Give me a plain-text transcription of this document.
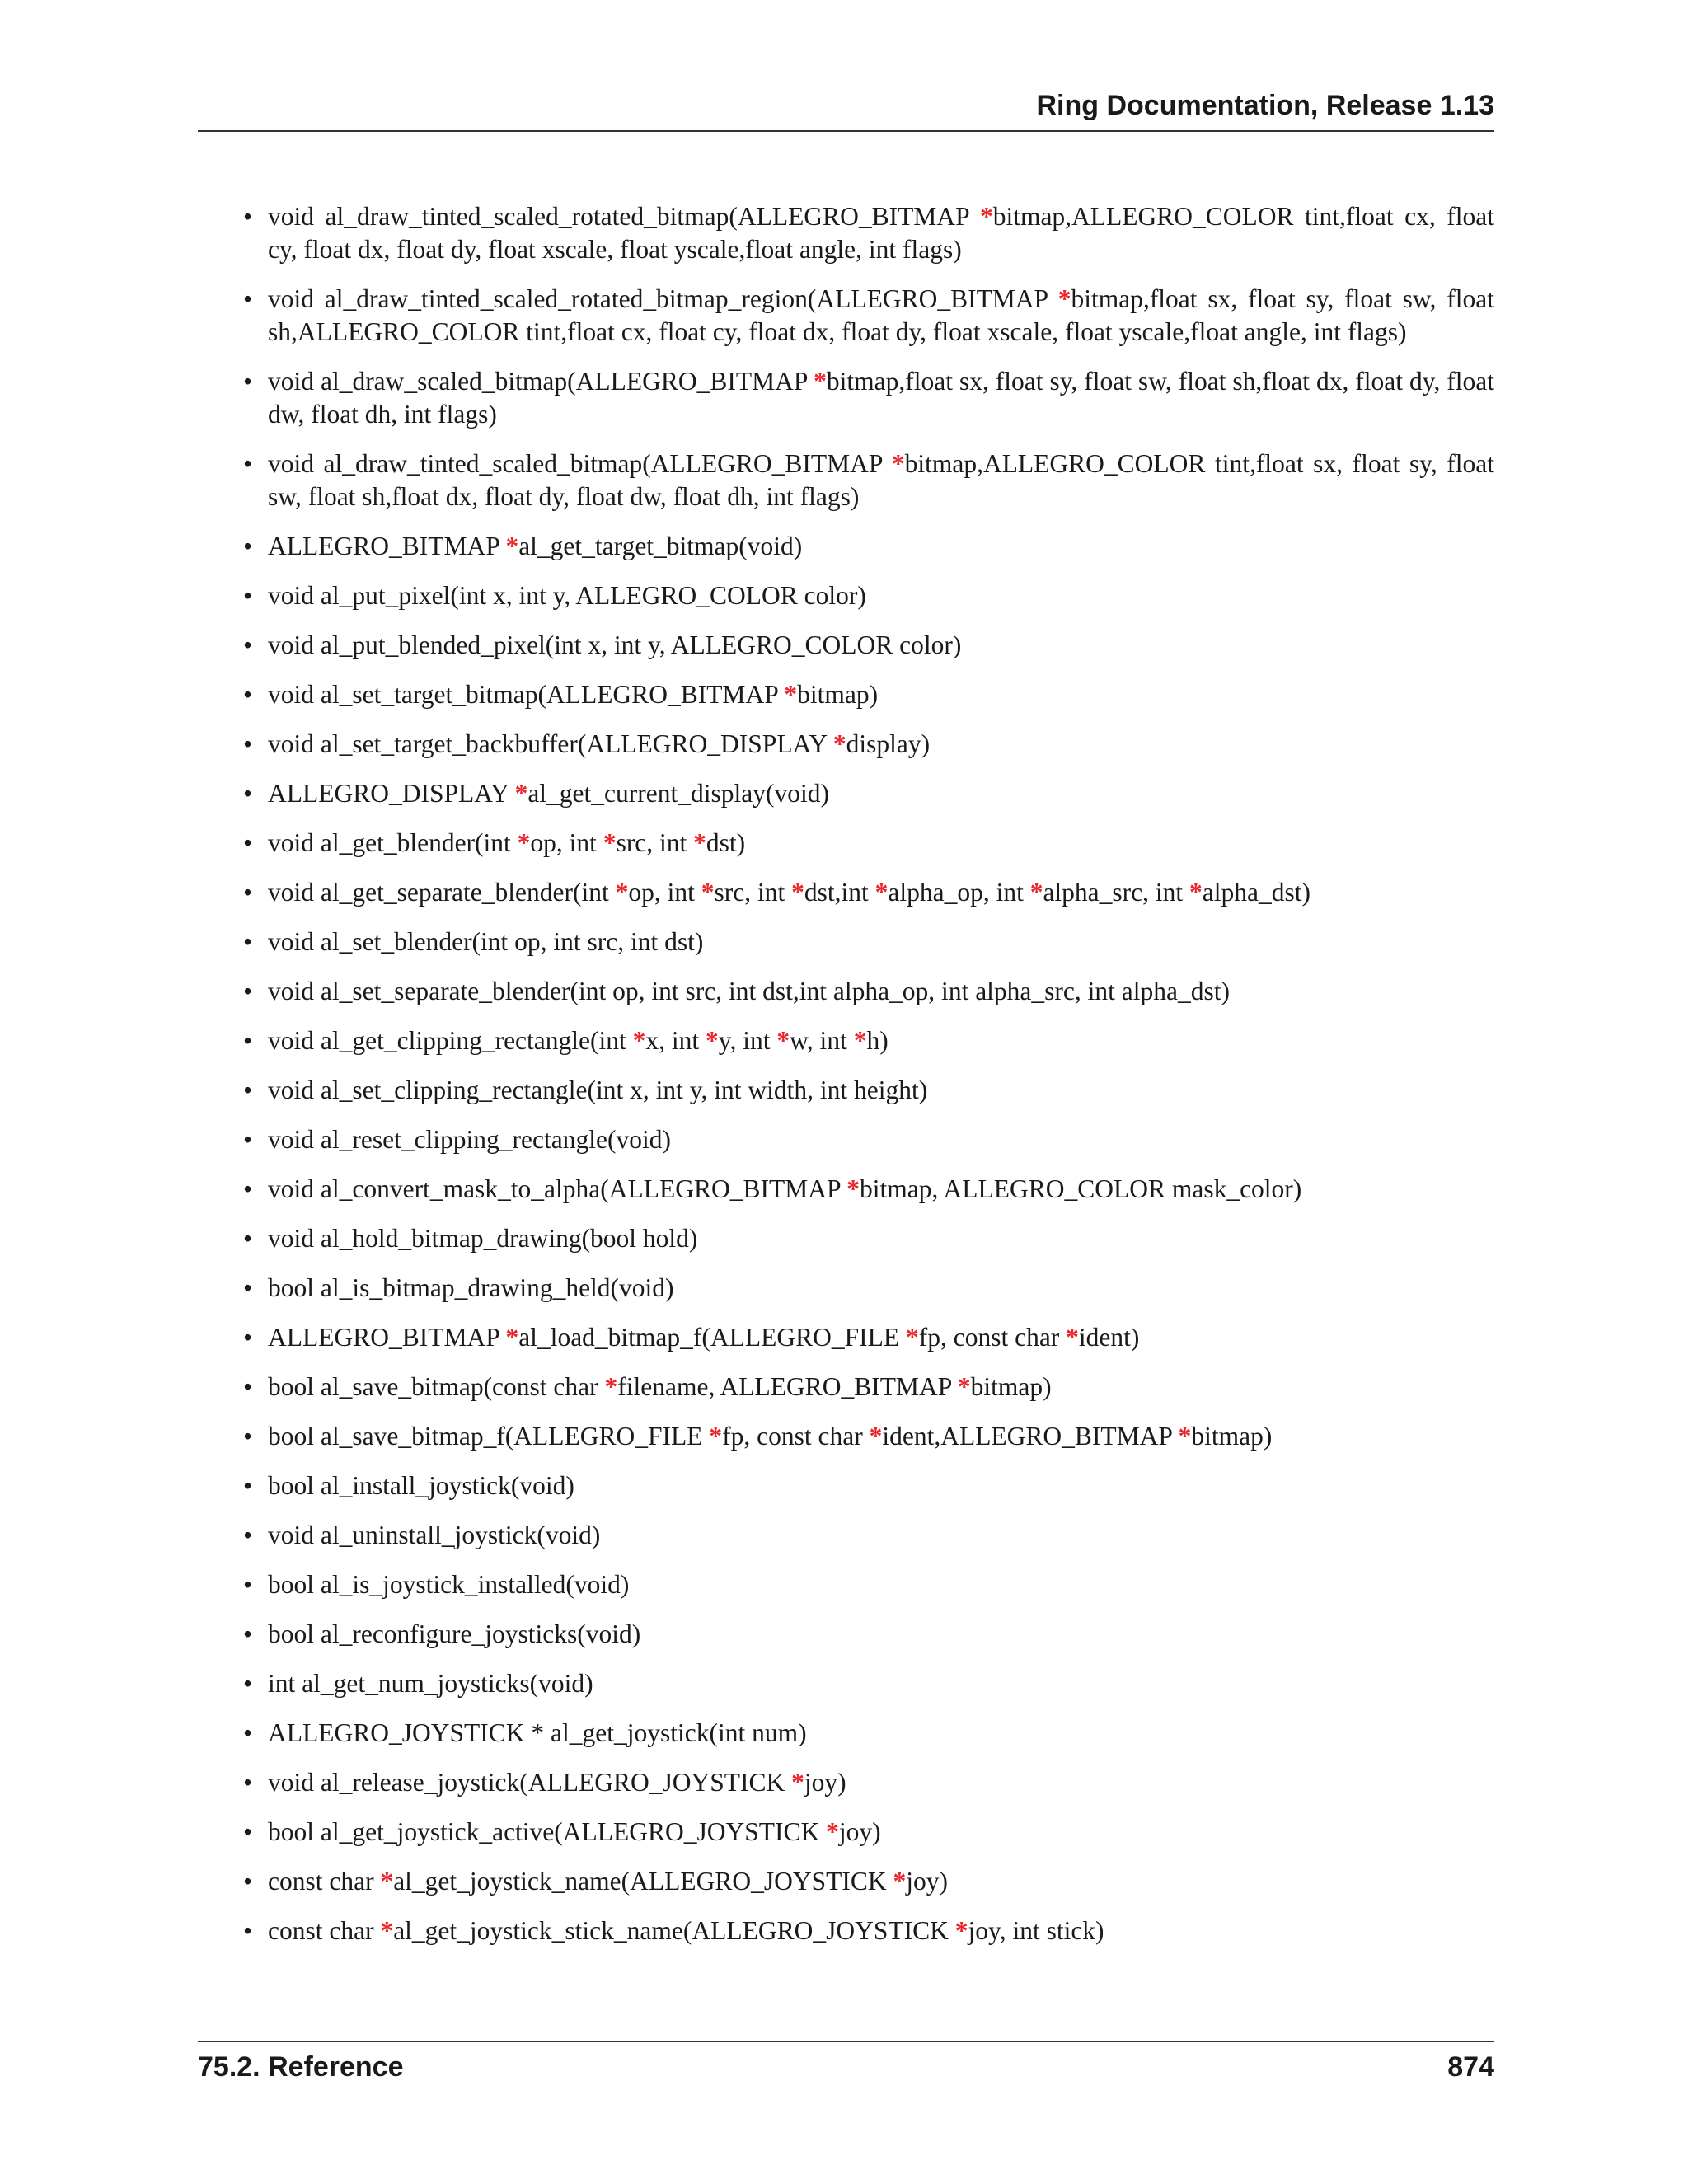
Ring Documentation, Release 1.13
• void al_draw_tinted_scaled_rotated_bitmap(ALLEGRO_BITMAP *bitmap,ALLEGRO_COLOR tint,float cx, float cy, float dx, float dy, float xscale, float yscale,float angle, int flags)
• void al_draw_tinted_scaled_rotated_bitmap_region(ALLEGRO_BITMAP *bitmap,float sx, float sy, float sw, float sh,ALLEGRO_COLOR tint,float cx, float cy, float dx, float dy, float xscale, float yscale,float angle, int flags)
• void al_draw_scaled_bitmap(ALLEGRO_BITMAP *bitmap,float sx, float sy, float sw, float sh,float dx, float dy, float dw, float dh, int flags)
• void al_draw_tinted_scaled_bitmap(ALLEGRO_BITMAP *bitmap,ALLEGRO_COLOR tint,float sx, float sy, float sw, float sh,float dx, float dy, float dw, float dh, int flags)
• ALLEGRO_BITMAP *al_get_target_bitmap(void)
• void al_put_pixel(int x, int y, ALLEGRO_COLOR color)
• void al_put_blended_pixel(int x, int y, ALLEGRO_COLOR color)
• void al_set_target_bitmap(ALLEGRO_BITMAP *bitmap)
• void al_set_target_backbuffer(ALLEGRO_DISPLAY *display)
• ALLEGRO_DISPLAY *al_get_current_display(void)
• void al_get_blender(int *op, int *src, int *dst)
• void al_get_separate_blender(int *op, int *src, int *dst,int *alpha_op, int *alpha_src, int *alpha_dst)
• void al_set_blender(int op, int src, int dst)
• void al_set_separate_blender(int op, int src, int dst,int alpha_op, int alpha_src, int alpha_dst)
• void al_get_clipping_rectangle(int *x, int *y, int *w, int *h)
• void al_set_clipping_rectangle(int x, int y, int width, int height)
• void al_reset_clipping_rectangle(void)
• void al_convert_mask_to_alpha(ALLEGRO_BITMAP *bitmap, ALLEGRO_COLOR mask_color)
• void al_hold_bitmap_drawing(bool hold)
• bool al_is_bitmap_drawing_held(void)
• ALLEGRO_BITMAP *al_load_bitmap_f(ALLEGRO_FILE *fp, const char *ident)
• bool al_save_bitmap(const char *filename, ALLEGRO_BITMAP *bitmap)
• bool al_save_bitmap_f(ALLEGRO_FILE *fp, const char *ident,ALLEGRO_BITMAP *bitmap)
• bool al_install_joystick(void)
• void al_uninstall_joystick(void)
• bool al_is_joystick_installed(void)
• bool al_reconfigure_joysticks(void)
• int al_get_num_joysticks(void)
• ALLEGRO_JOYSTICK * al_get_joystick(int num)
• void al_release_joystick(ALLEGRO_JOYSTICK *joy)
• bool al_get_joystick_active(ALLEGRO_JOYSTICK *joy)
• const char *al_get_joystick_name(ALLEGRO_JOYSTICK *joy)
• const char *al_get_joystick_stick_name(ALLEGRO_JOYSTICK *joy, int stick)
75.2. Reference	874
